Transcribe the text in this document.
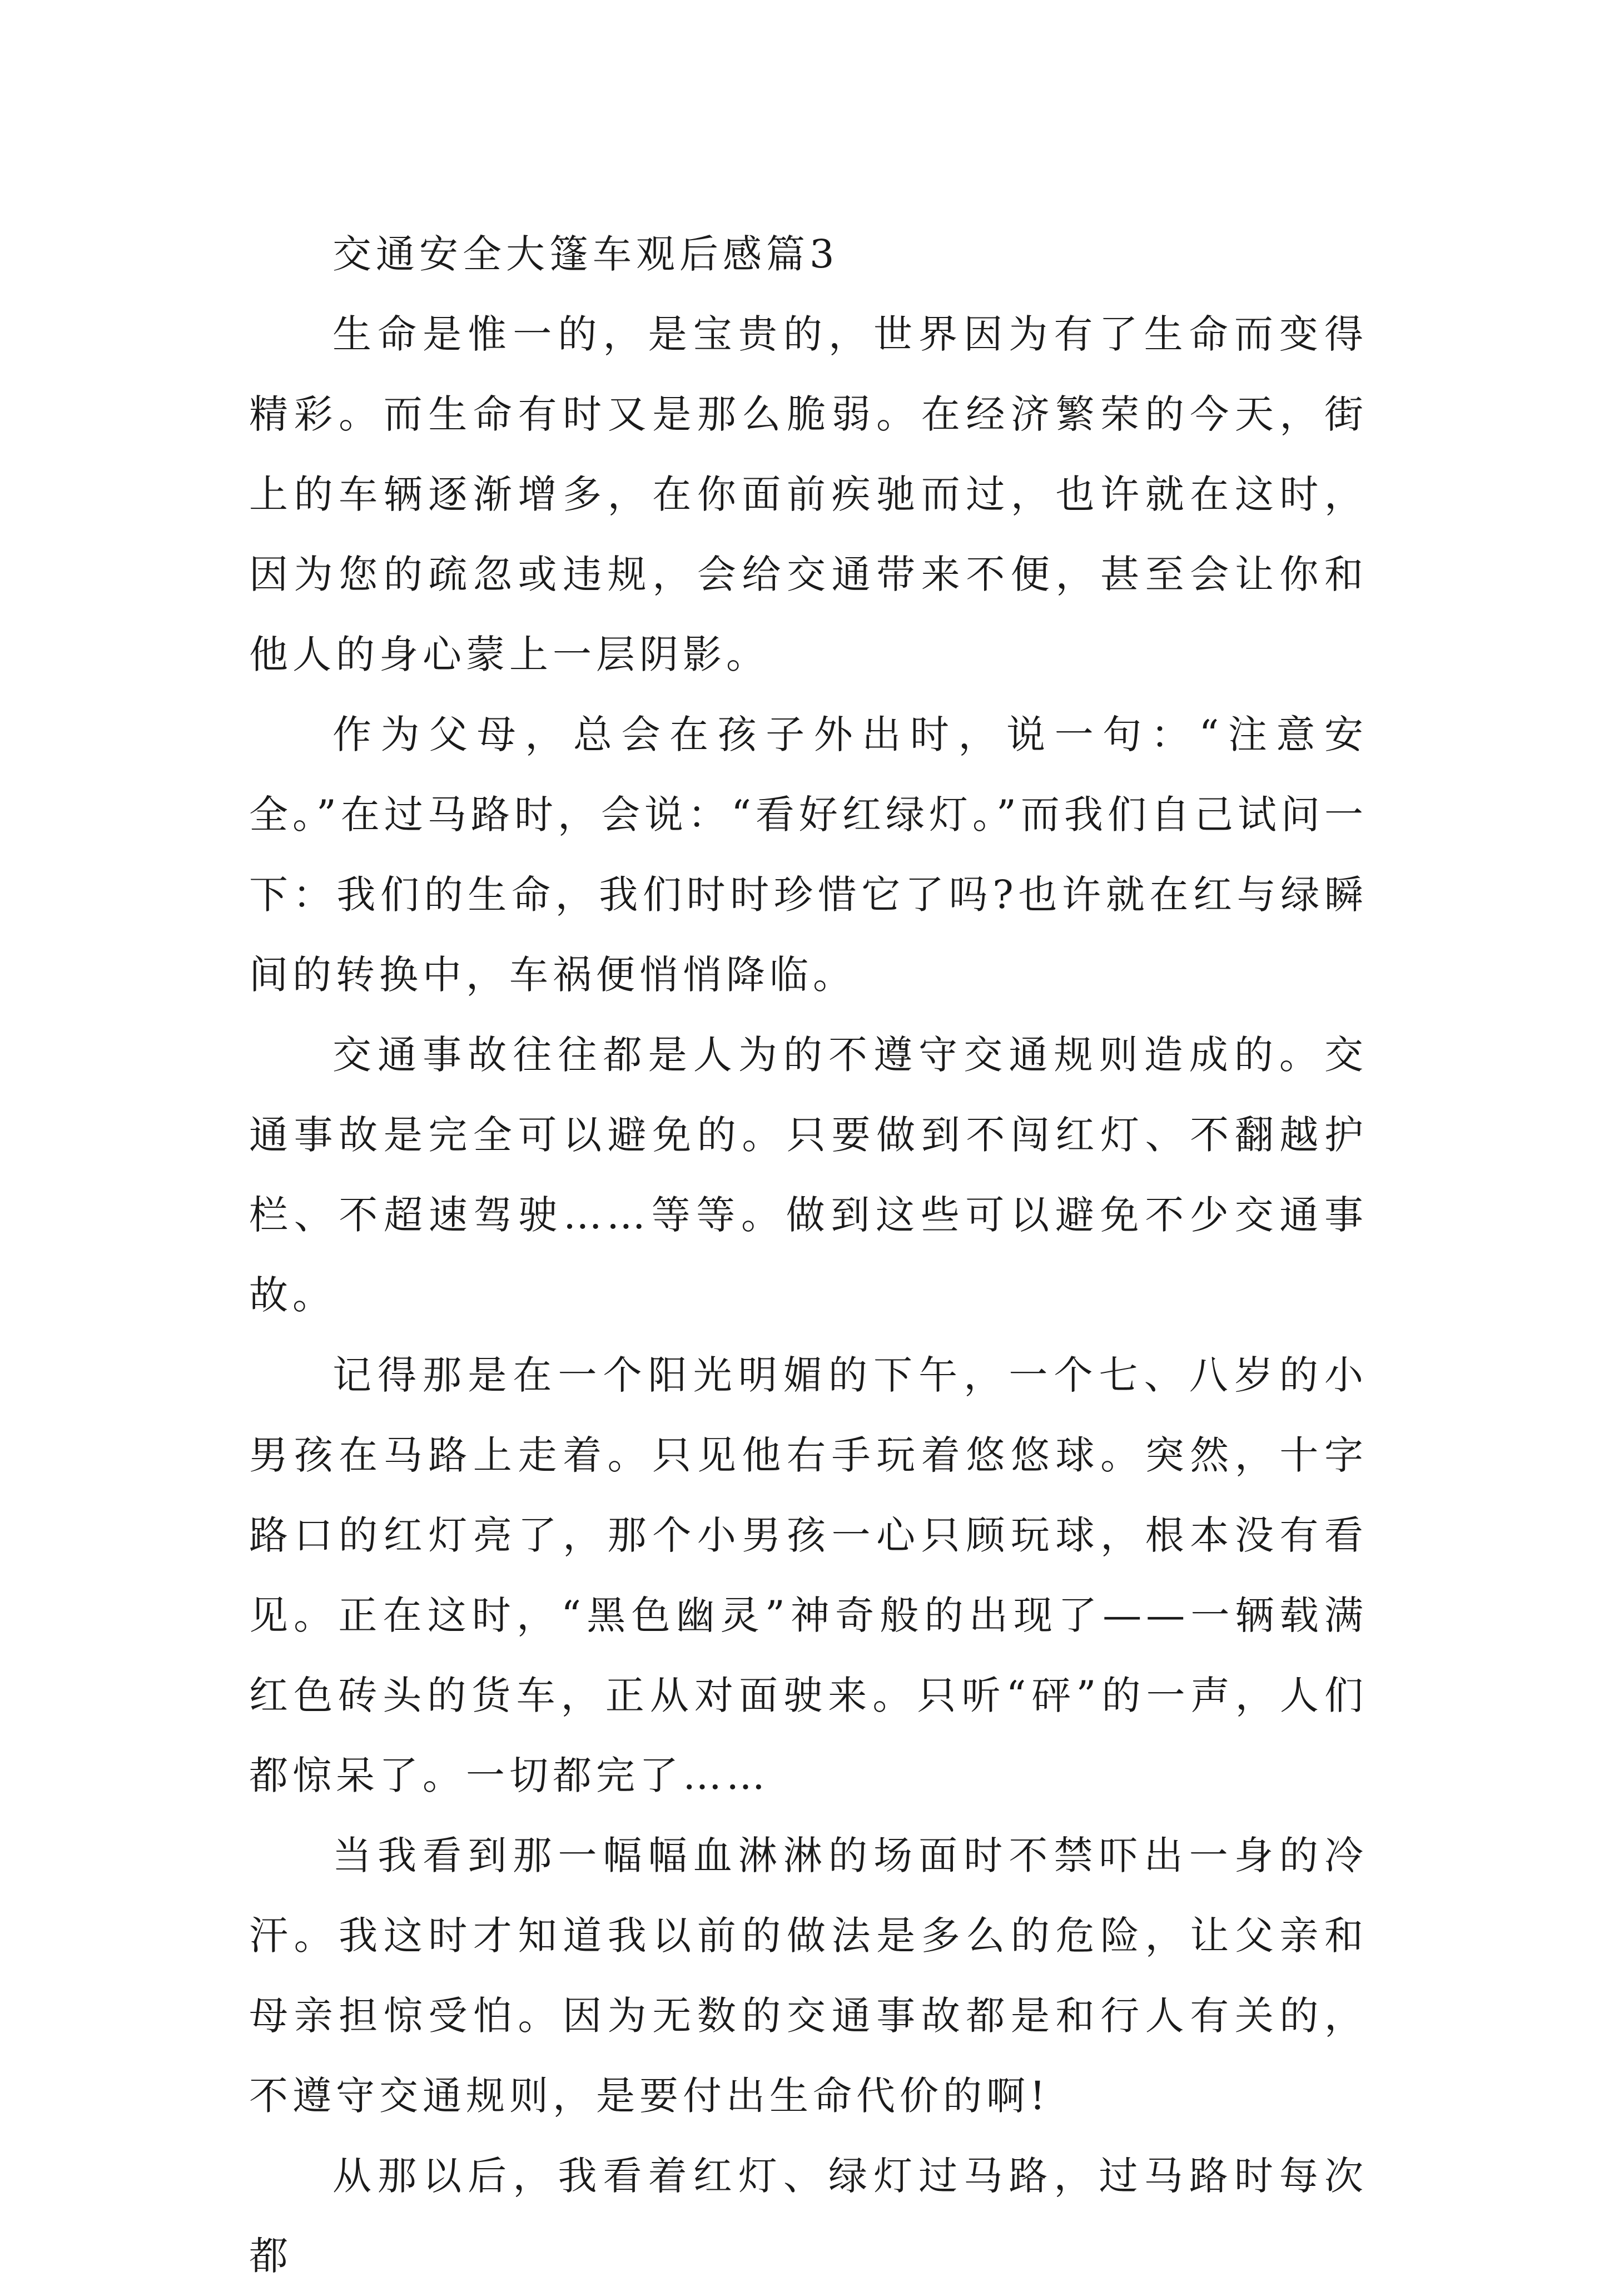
交通安全大篷车观后感篇3

生命是惟一的，是宝贵的，世界因为有了生命而变得精彩。而生命有时又是那么脆弱。在经济繁荣的今天，街上的车辆逐渐增多，在你面前疾驰而过，也许就在这时，因为您的疏忽或违规，会给交通带来不便，甚至会让你和他人的身心蒙上一层阴影。

作为父母，总会在孩子外出时，说一句：“注意安全。”在过马路时，会说：“看好红绿灯。”而我们自己试问一下：我们的生命，我们时时珍惜它了吗?也许就在红与绿瞬间的转换中，车祸便悄悄降临。

交通事故往往都是人为的不遵守交通规则造成的。交通事故是完全可以避免的。只要做到不闯红灯、不翻越护栏、不超速驾驶……等等。做到这些可以避免不少交通事故。

记得那是在一个阳光明媚的下午，一个七、八岁的小男孩在马路上走着。只见他右手玩着悠悠球。突然，十字路口的红灯亮了，那个小男孩一心只顾玩球，根本没有看见。正在这时，“黑色幽灵”神奇般的出现了——一辆载满红色砖头的货车，正从对面驶来。只听“砰”的一声，人们都惊呆了。一切都完了……

当我看到那一幅幅血淋淋的场面时不禁吓出一身的冷汗。我这时才知道我以前的做法是多么的危险，让父亲和母亲担惊受怕。因为无数的交通事故都是和行人有关的，不遵守交通规则，是要付出生命代价的啊!

从那以后，我看着红灯、绿灯过马路，过马路时每次都
